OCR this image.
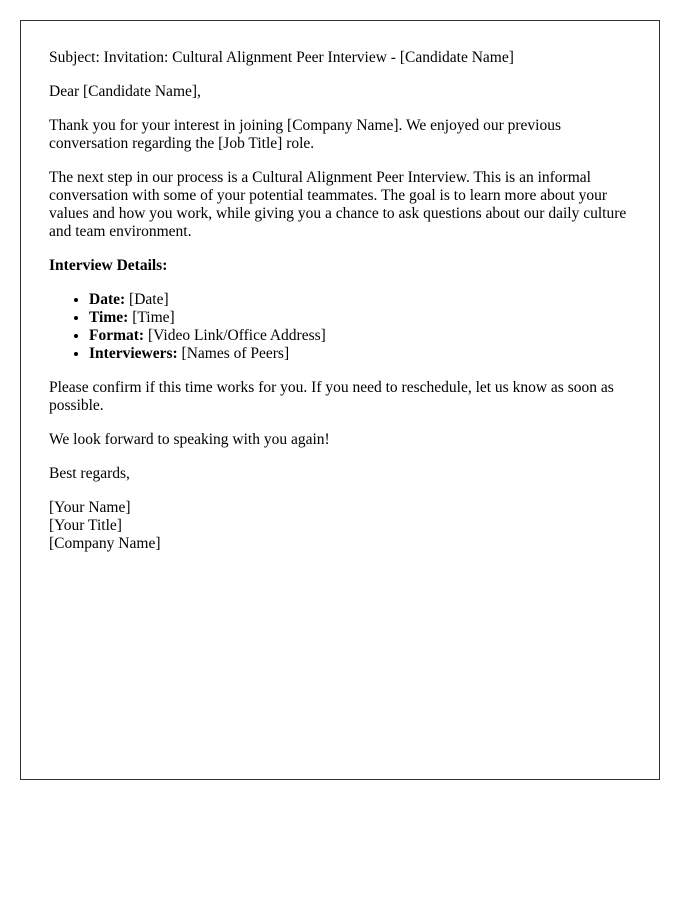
Subject: Invitation: Cultural Alignment Peer Interview - [Candidate Name]

Dear [Candidate Name],

Thank you for your interest in joining [Company Name]. We enjoyed our previous conversation regarding the [Job Title] role.

The next step in our process is a Cultural Alignment Peer Interview. This is an informal conversation with some of your potential teammates. The goal is to learn more about your values and how you work, while giving you a chance to ask questions about our daily culture and team environment.

Interview Details:

• Date: [Date]
• Time: [Time]
• Format: [Video Link/Office Address]
• Interviewers: [Names of Peers]

Please confirm if this time works for you. If you need to reschedule, let us know as soon as possible.

We look forward to speaking with you again!

Best regards,

[Your Name]
[Your Title]
[Company Name]
